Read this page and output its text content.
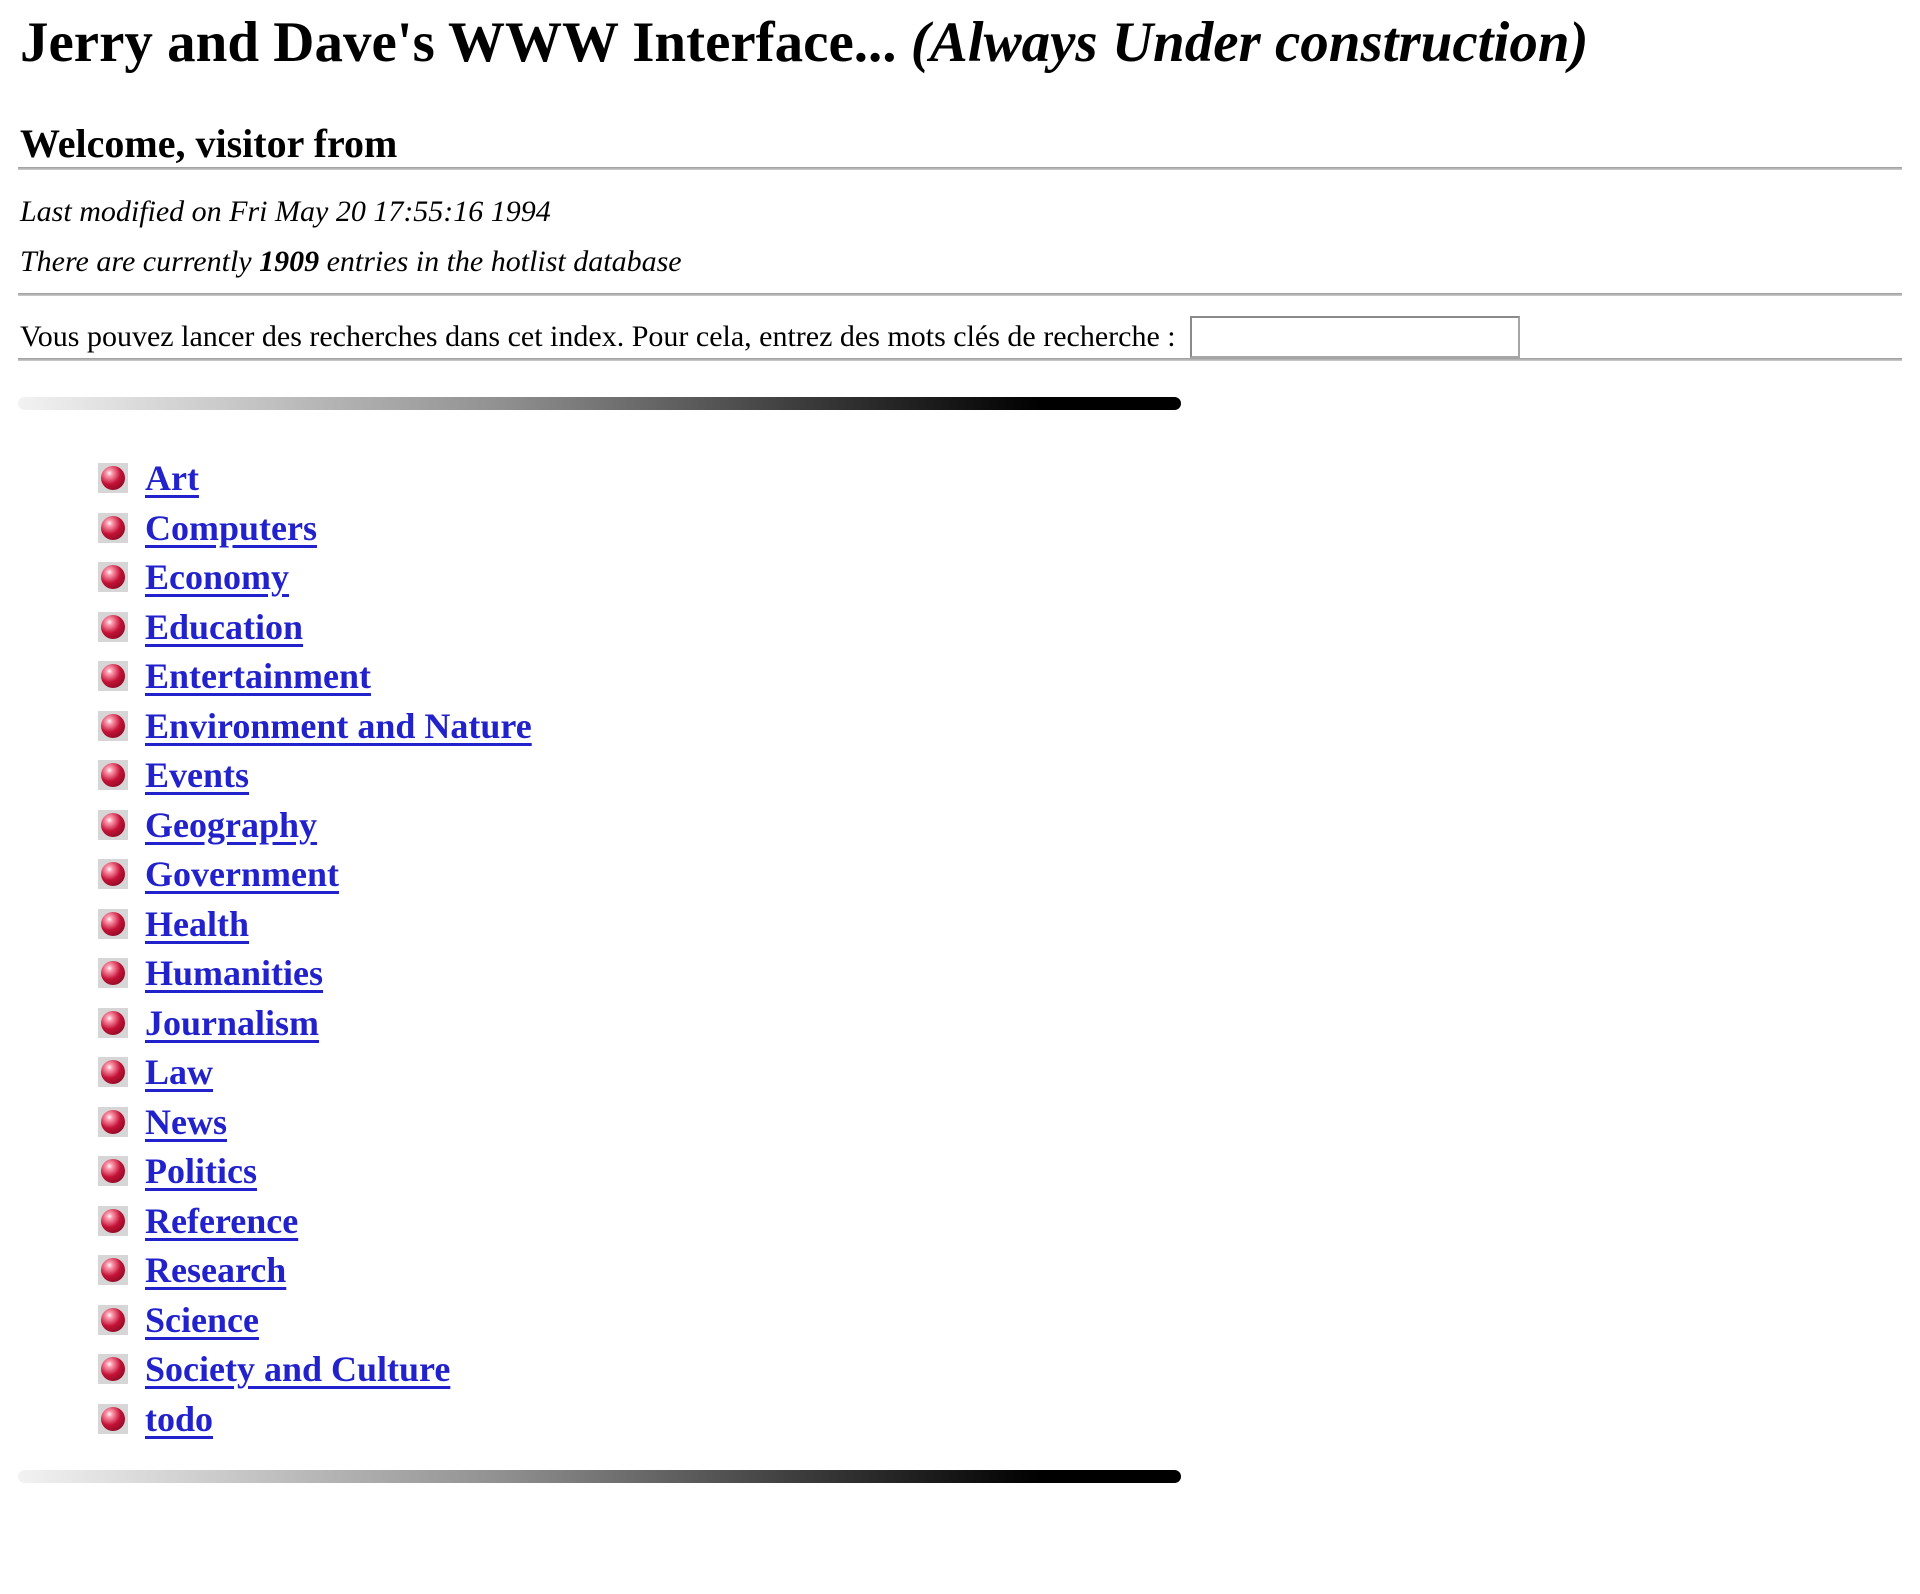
Jerry and Dave's WWW Interface... (Always Under construction)
Welcome, visitor from

Last modified on Fri May 20 17:55:16 1994

There are currently 1909 entries in the hotlist database

Vous pouvez lancer des recherches dans cet index. Pour cela, entrez des mots clés de recherche :
Art
Computers
Economy
Education
Entertainment
Environment and Nature
Events
Geography
Government
Health
Humanities
Journalism
Law
News
Politics
Reference
Research
Science
Society and Culture
todo
